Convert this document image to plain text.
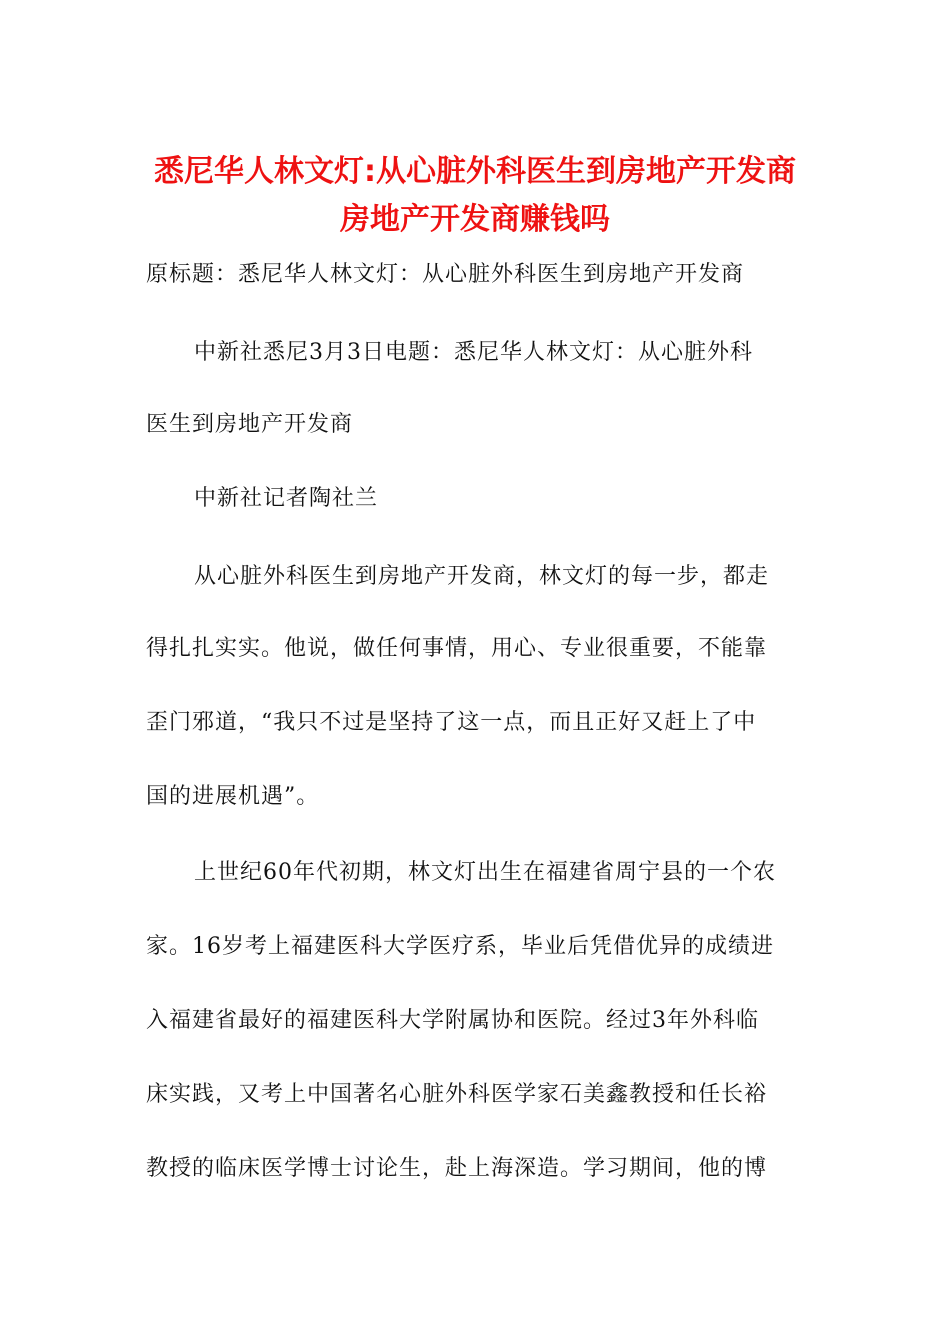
悉尼华人林文灯:从心脏外科医生到房地产开发商 房地产开发商赚钱吗
原标题：悉尼华人林文灯：从心脏外科医生到房地产开发商
中新社悉尼3月3日电题：悉尼华人林文灯：从心脏外科
医生到房地产开发商
中新社记者陶社兰
从心脏外科医生到房地产开发商，林文灯的每一步，都走
得扎扎实实。他说，做任何事情，用心、专业很重要，不能靠
歪门邪道，“我只不过是坚持了这一点，而且正好又赶上了中
国的进展机遇”。
上世纪60年代初期，林文灯出生在福建省周宁县的一个农
家。16岁考上福建医科大学医疗系，毕业后凭借优异的成绩进
入福建省最好的福建医科大学附属协和医院。经过3年外科临
床实践，又考上中国著名心脏外科医学家石美鑫教授和任长裕
教授的临床医学博士讨论生，赴上海深造。学习期间，他的博
